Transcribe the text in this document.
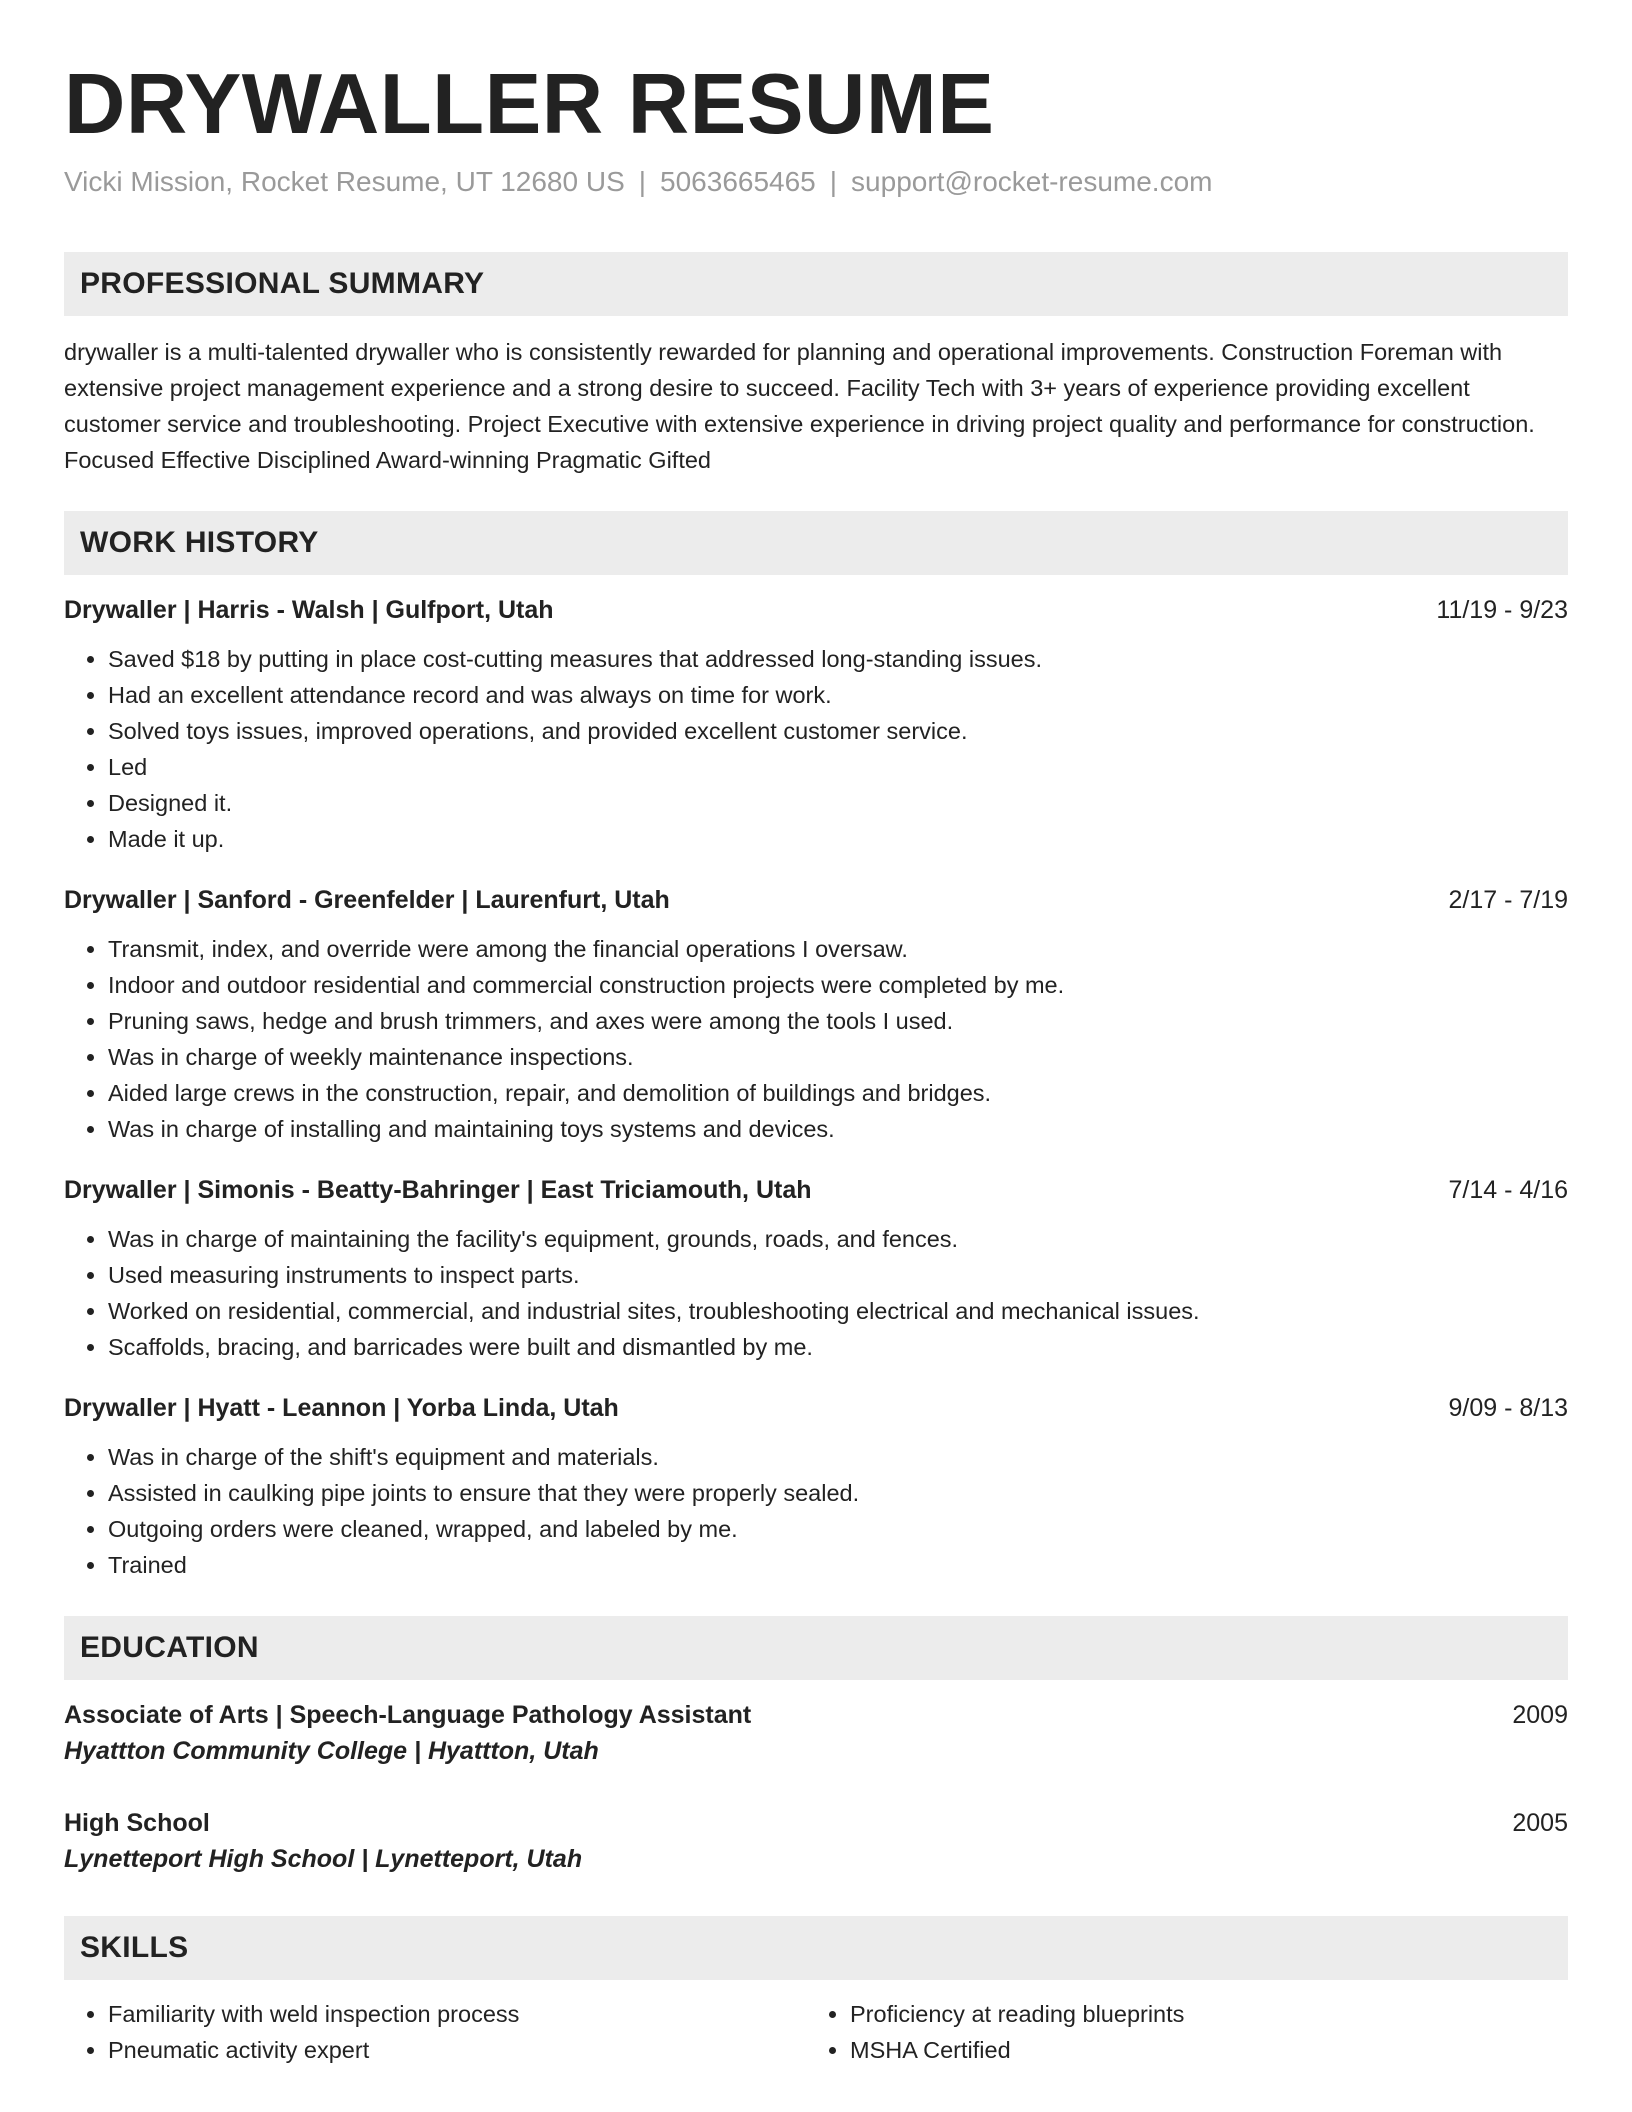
DRYWALLER RESUME
Vicki Mission, Rocket Resume, UT 12680 US | 5063665465 | support@rocket-resume.com
PROFESSIONAL SUMMARY

drywaller is a multi-talented drywaller who is consistently rewarded for planning and operational improvements. Construction Foreman with extensive project management experience and a strong desire to succeed. Facility Tech with 3+ years of experience providing excellent customer service and troubleshooting. Project Executive with extensive experience in driving project quality and performance for construction. Focused Effective Disciplined Award-winning Pragmatic Gifted

WORK HISTORY
Drywaller | Harris - Walsh | Gulfport, Utah	11/19 - 9/23
• Saved $18 by putting in place cost-cutting measures that addressed long-standing issues.
• Had an excellent attendance record and was always on time for work.
• Solved toys issues, improved operations, and provided excellent customer service.
• Led
• Designed it.
• Made it up.
Drywaller | Sanford - Greenfelder | Laurenfurt, Utah	2/17 - 7/19
• Transmit, index, and override were among the financial operations I oversaw.
• Indoor and outdoor residential and commercial construction projects were completed by me.
• Pruning saws, hedge and brush trimmers, and axes were among the tools I used.
• Was in charge of weekly maintenance inspections.
• Aided large crews in the construction, repair, and demolition of buildings and bridges.
• Was in charge of installing and maintaining toys systems and devices.
Drywaller | Simonis - Beatty-Bahringer | East Triciamouth, Utah	7/14 - 4/16
• Was in charge of maintaining the facility's equipment, grounds, roads, and fences.
• Used measuring instruments to inspect parts.
• Worked on residential, commercial, and industrial sites, troubleshooting electrical and mechanical issues.
• Scaffolds, bracing, and barricades were built and dismantled by me.
Drywaller | Hyatt - Leannon | Yorba Linda, Utah	9/09 - 8/13
• Was in charge of the shift's equipment and materials.
• Assisted in caulking pipe joints to ensure that they were properly sealed.
• Outgoing orders were cleaned, wrapped, and labeled by me.
• Trained
EDUCATION
Associate of Arts | Speech-Language Pathology Assistant	2009
Hyattton Community College | Hyattton, Utah
High School	2005
Lynetteport High School | Lynetteport, Utah
SKILLS
• Familiarity with weld inspection process
• Pneumatic activity expert
• Proficiency at reading blueprints
• MSHA Certified
